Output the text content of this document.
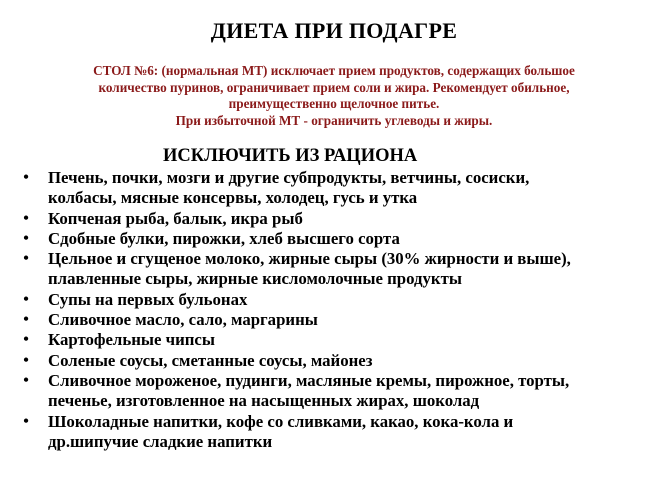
ДИЕТА ПРИ ПОДАГРЕ
СТОЛ №6: (нормальная МТ) исключает прием продуктов, содержащих большое
количество пуринов, ограничивает прием соли и жира. Рекомендует обильное,
преимущественно щелочное питье.
При избыточной МТ - ограничить углеводы и жиры.
ИСКЛЮЧИТЬ ИЗ РАЦИОНА
•	Печень, почки, мозги и другие субпродукты, ветчины, сосиски,
колбасы, мясные консервы, холодец, гусь и утка
•	Копченая рыба, балык, икра рыб
•	Сдобные булки, пирожки, хлеб высшего сорта
•	Цельное и сгущеное молоко, жирные сыры (30% жирности и выше),
плавленные сыры, жирные кисломолочные продукты
•	Супы на первых бульонах
•	Сливочное масло, сало, маргарины
•	Картофельные чипсы
•	Соленые соусы, сметанные соусы, майонез
•	Сливочное мороженое, пудинги, масляные кремы, пирожное, торты,
печенье, изготовленное на насыщенных жирах, шоколад
•	Шоколадные напитки, кофе со сливками, какао, кока-кола и
др.шипучие сладкие напитки
